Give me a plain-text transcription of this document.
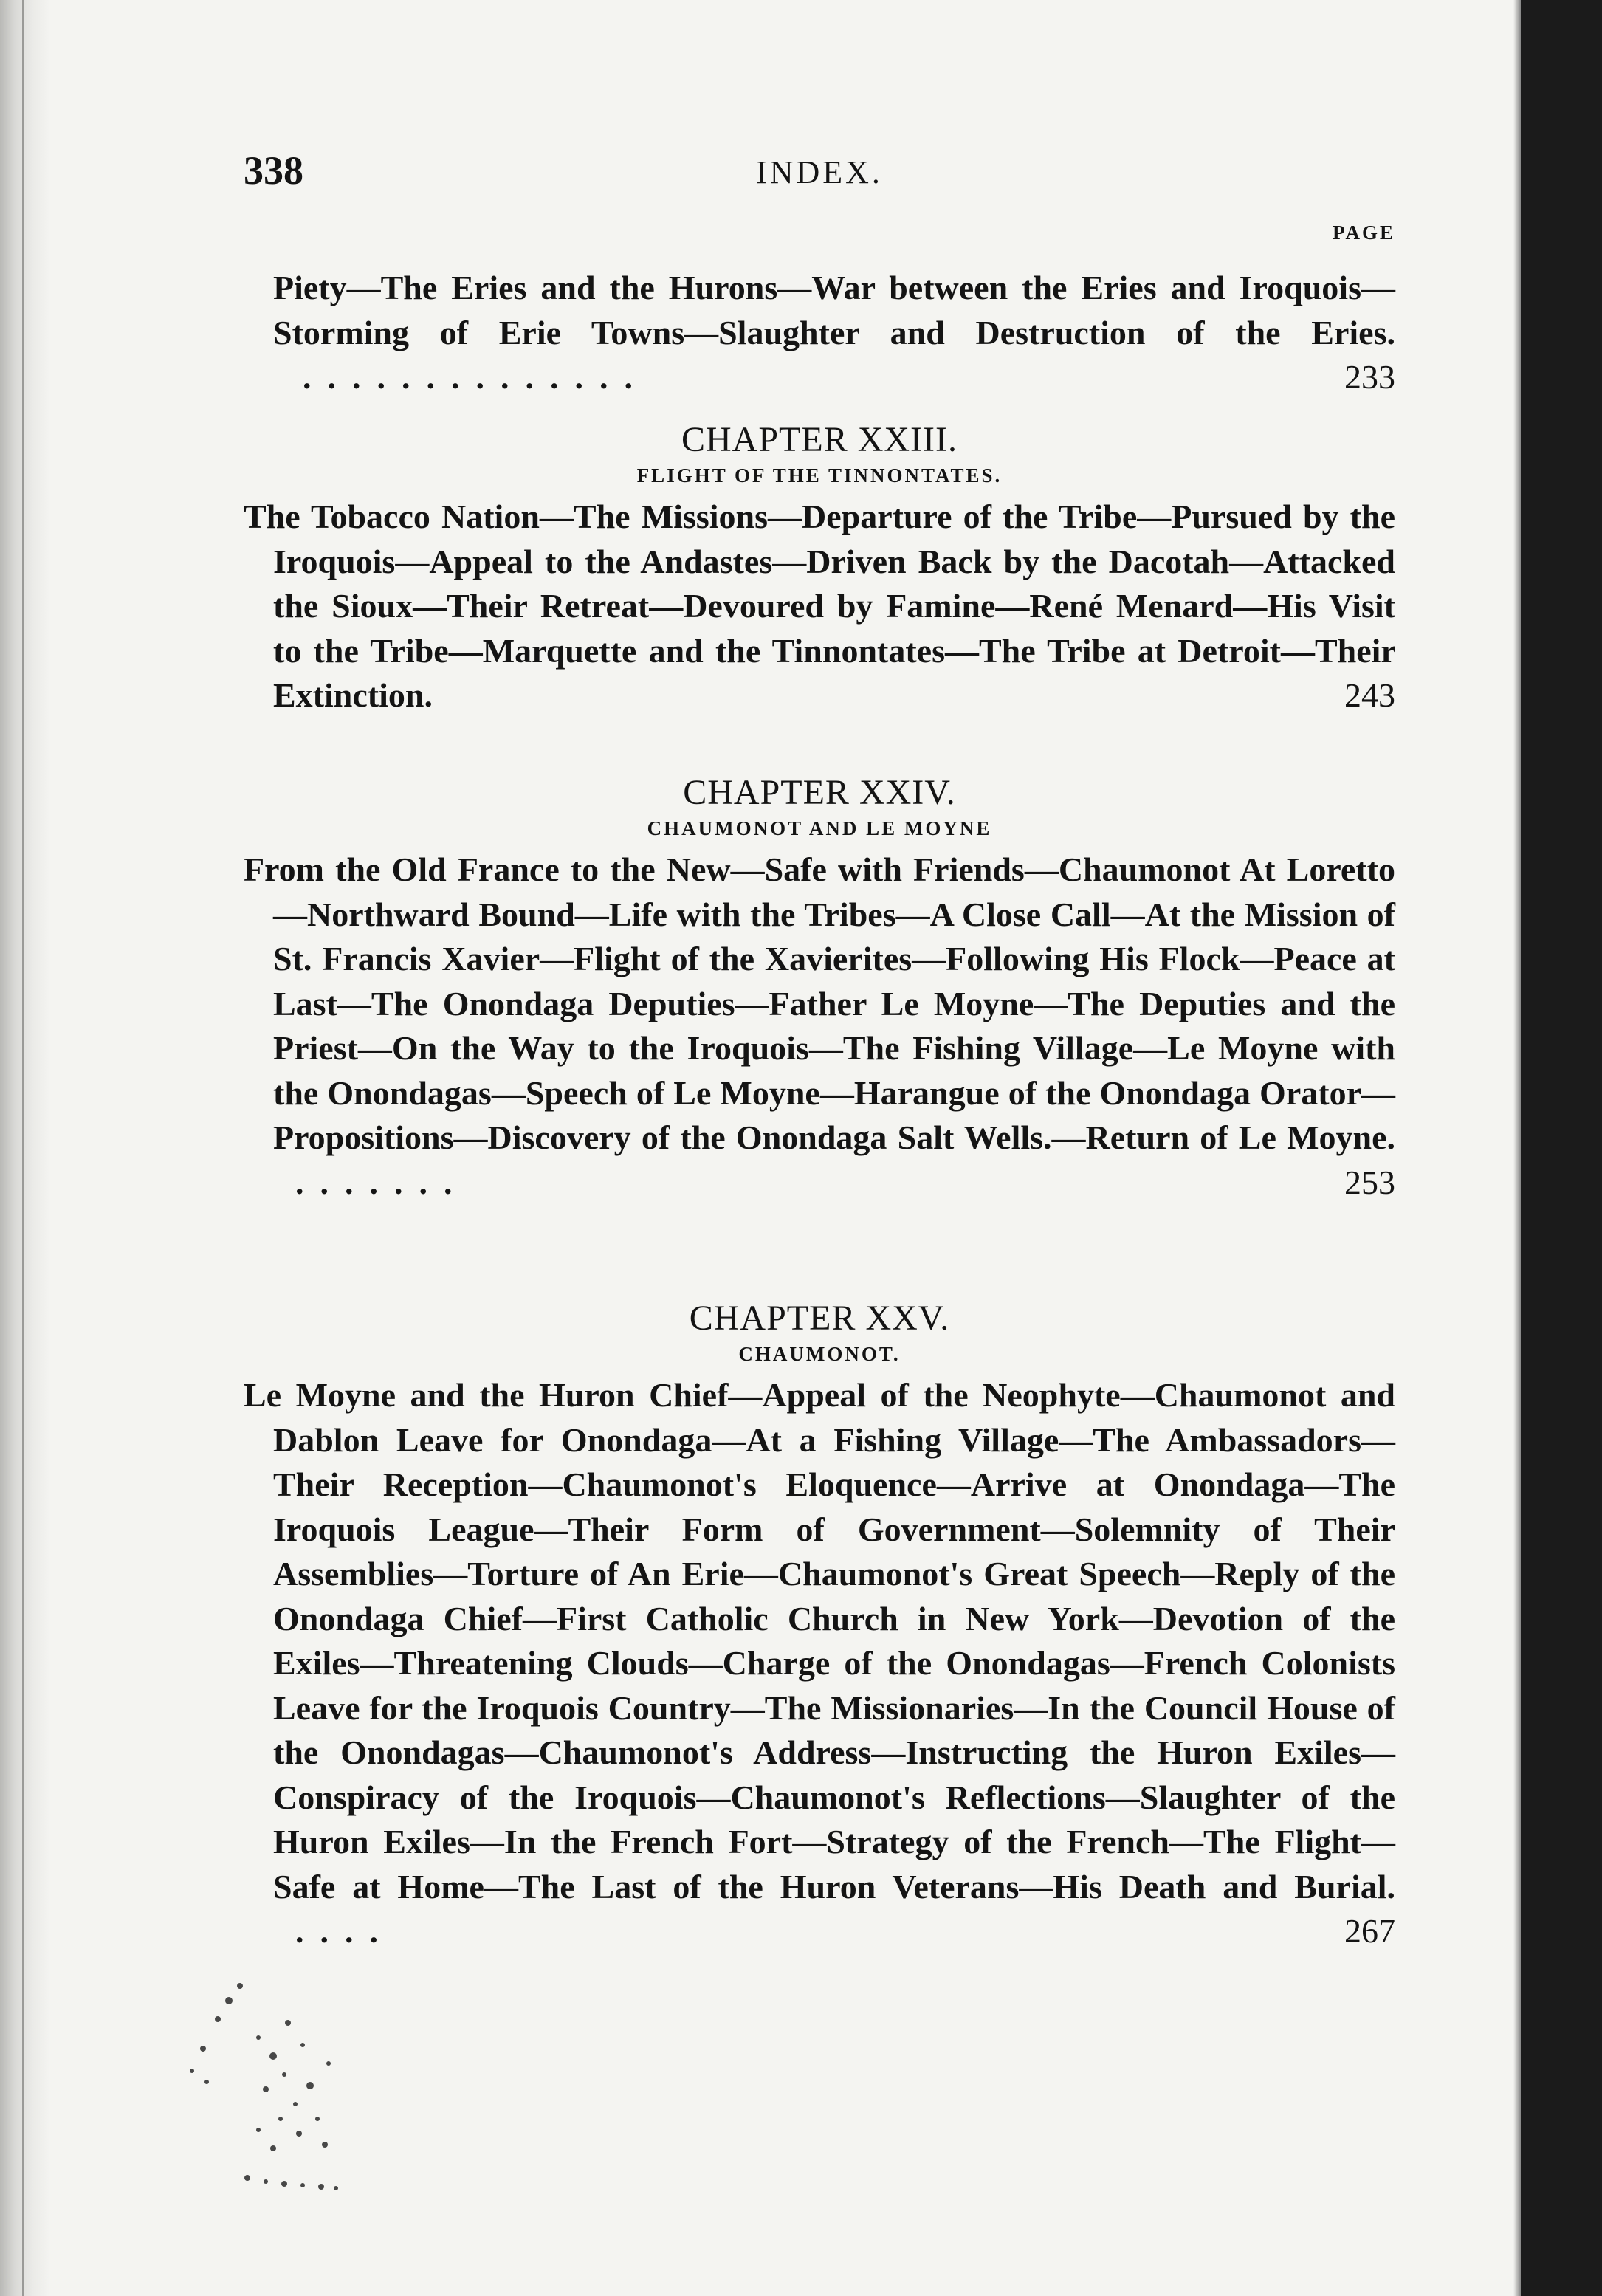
338	INDEX.
PAGE
Piety—The Eries and the Hurons—War between the Eries and Iroquois—Storming of Erie Towns—Slaughter and Destruction of the Eries. ..............	233
CHAPTER XXIII.
FLIGHT OF THE TINNONTATES.
The Tobacco Nation—The Missions—Departure of the Tribe—Pursued by the Iroquois—Appeal to the Andastes—Driven Back by the Dacotah—Attacked the Sioux—Their Retreat—Devoured by Famine—René Menard—His Visit to the Tribe—Marquette and the Tinnontates—The Tribe at Detroit—Their Extinction.	243
CHAPTER XXIV.
CHAUMONOT AND LE MOYNE
From the Old France to the New—Safe with Friends—Chaumonot At Loretto—Northward Bound—Life with the Tribes—A Close Call—At the Mission of St. Francis Xavier—Flight of the Xavierites—Following His Flock—Peace at Last—The Onondaga Deputies—Father Le Moyne—The Deputies and the Priest—On the Way to the Iroquois—The Fishing Village—Le Moyne with the Onondagas—Speech of Le Moyne—Harangue of the Onondaga Orator—Propositions—Discovery of the Onondaga Salt Wells.—Return of Le Moyne. .......	253
CHAPTER XXV.
CHAUMONOT.
Le Moyne and the Huron Chief—Appeal of the Neophyte—Chaumonot and Dablon Leave for Onondaga—At a Fishing Village—The Ambassadors—Their Reception—Chaumonot's Eloquence—Arrive at Onondaga—The Iroquois League—Their Form of Government—Solemnity of Their Assemblies—Torture of An Erie—Chaumonot's Great Speech—Reply of the Onondaga Chief—First Catholic Church in New York—Devotion of the Exiles—Threatening Clouds—Charge of the Onondagas—French Colonists Leave for the Iroquois Country—The Missionaries—In the Council House of the Onondagas—Chaumonot's Address—Instructing the Huron Exiles—Conspiracy of the Iroquois—Chaumonot's Reflections—Slaughter of the Huron Exiles—In the French Fort—Strategy of the French—The Flight—Safe at Home—The Last of the Huron Veterans—His Death and Burial. ....	267
